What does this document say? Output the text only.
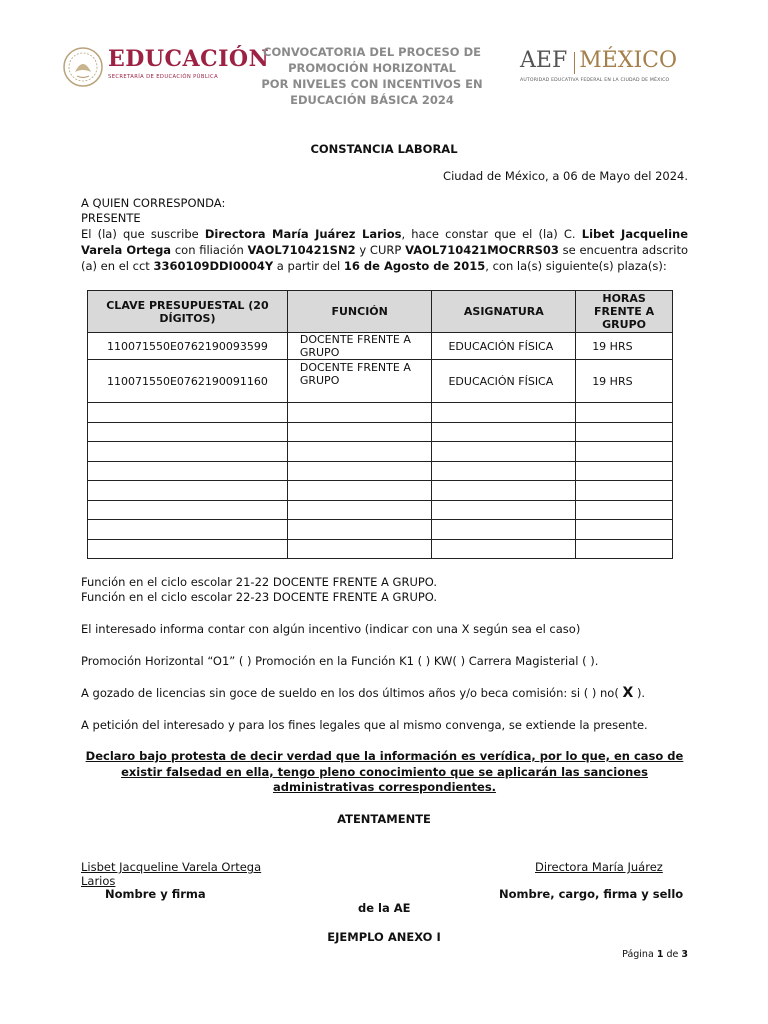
EDUCACIÓN
SECRETARÍA DE EDUCACIÓN PÚBLICA
CONVOCATORIA DEL PROCESO DE
PROMOCIÓN HORIZONTAL
POR NIVELES CON INCENTIVOS EN
EDUCACIÓN BÁSICA 2024
AEF MÉXICO
AUTORIDAD EDUCATIVA FEDERAL EN LA CIUDAD DE MÉXICO
CONSTANCIA LABORAL
Ciudad de México, a 06 de Mayo del 2024.
A QUIEN CORRESPONDA:
PRESENTE
El (la) que suscribe Directora María Juárez Larios, hace constar que el (la) C. Libet Jacqueline Varela Ortega con filiación VAOL710421SN2 y CURP VAOL710421MOCRRS03 se encuentra adscrito (a) en el cct 3360109DDI0004Y a partir del 16 de Agosto de 2015, con la(s) siguiente(s) plaza(s):
CLAVE PRESUPUESTAL (20 DÍGITOS)	FUNCIÓN	ASIGNATURA	HORAS FRENTE A GRUPO
110071550E0762190093599	DOCENTE FRENTE A GRUPO	EDUCACIÓN FÍSICA	19 HRS
110071550E0762190091160	DOCENTE FRENTE A GRUPO	EDUCACIÓN FÍSICA	19 HRS

Función en el ciclo escolar 21-22 DOCENTE FRENTE A GRUPO.
Función en el ciclo escolar 22-23 DOCENTE FRENTE A GRUPO.
El interesado informa contar con algún incentivo (indicar con una X según sea el caso)
Promoción Horizontal “O1” ( ) Promoción en la Función K1 ( ) KW( ) Carrera Magisterial ( ).
A gozado de licencias sin goce de sueldo en los dos últimos años y/o beca comisión: si ( ) no( X ).
A petición del interesado y para los fines legales que al mismo convenga, se extiende la presente.
Declaro bajo protesta de decir verdad que la información es verídica, por lo que, en caso de existir falsedad en ella, tengo pleno conocimiento que se aplicarán las sanciones administrativas correspondientes.
ATENTAMENTE
Lisbet Jacqueline Varela Ortega
Larios
Directora María Juárez
Nombre y firma	Nombre, cargo, firma y sello
de la AE
EJEMPLO ANEXO I
Página 1 de 3
